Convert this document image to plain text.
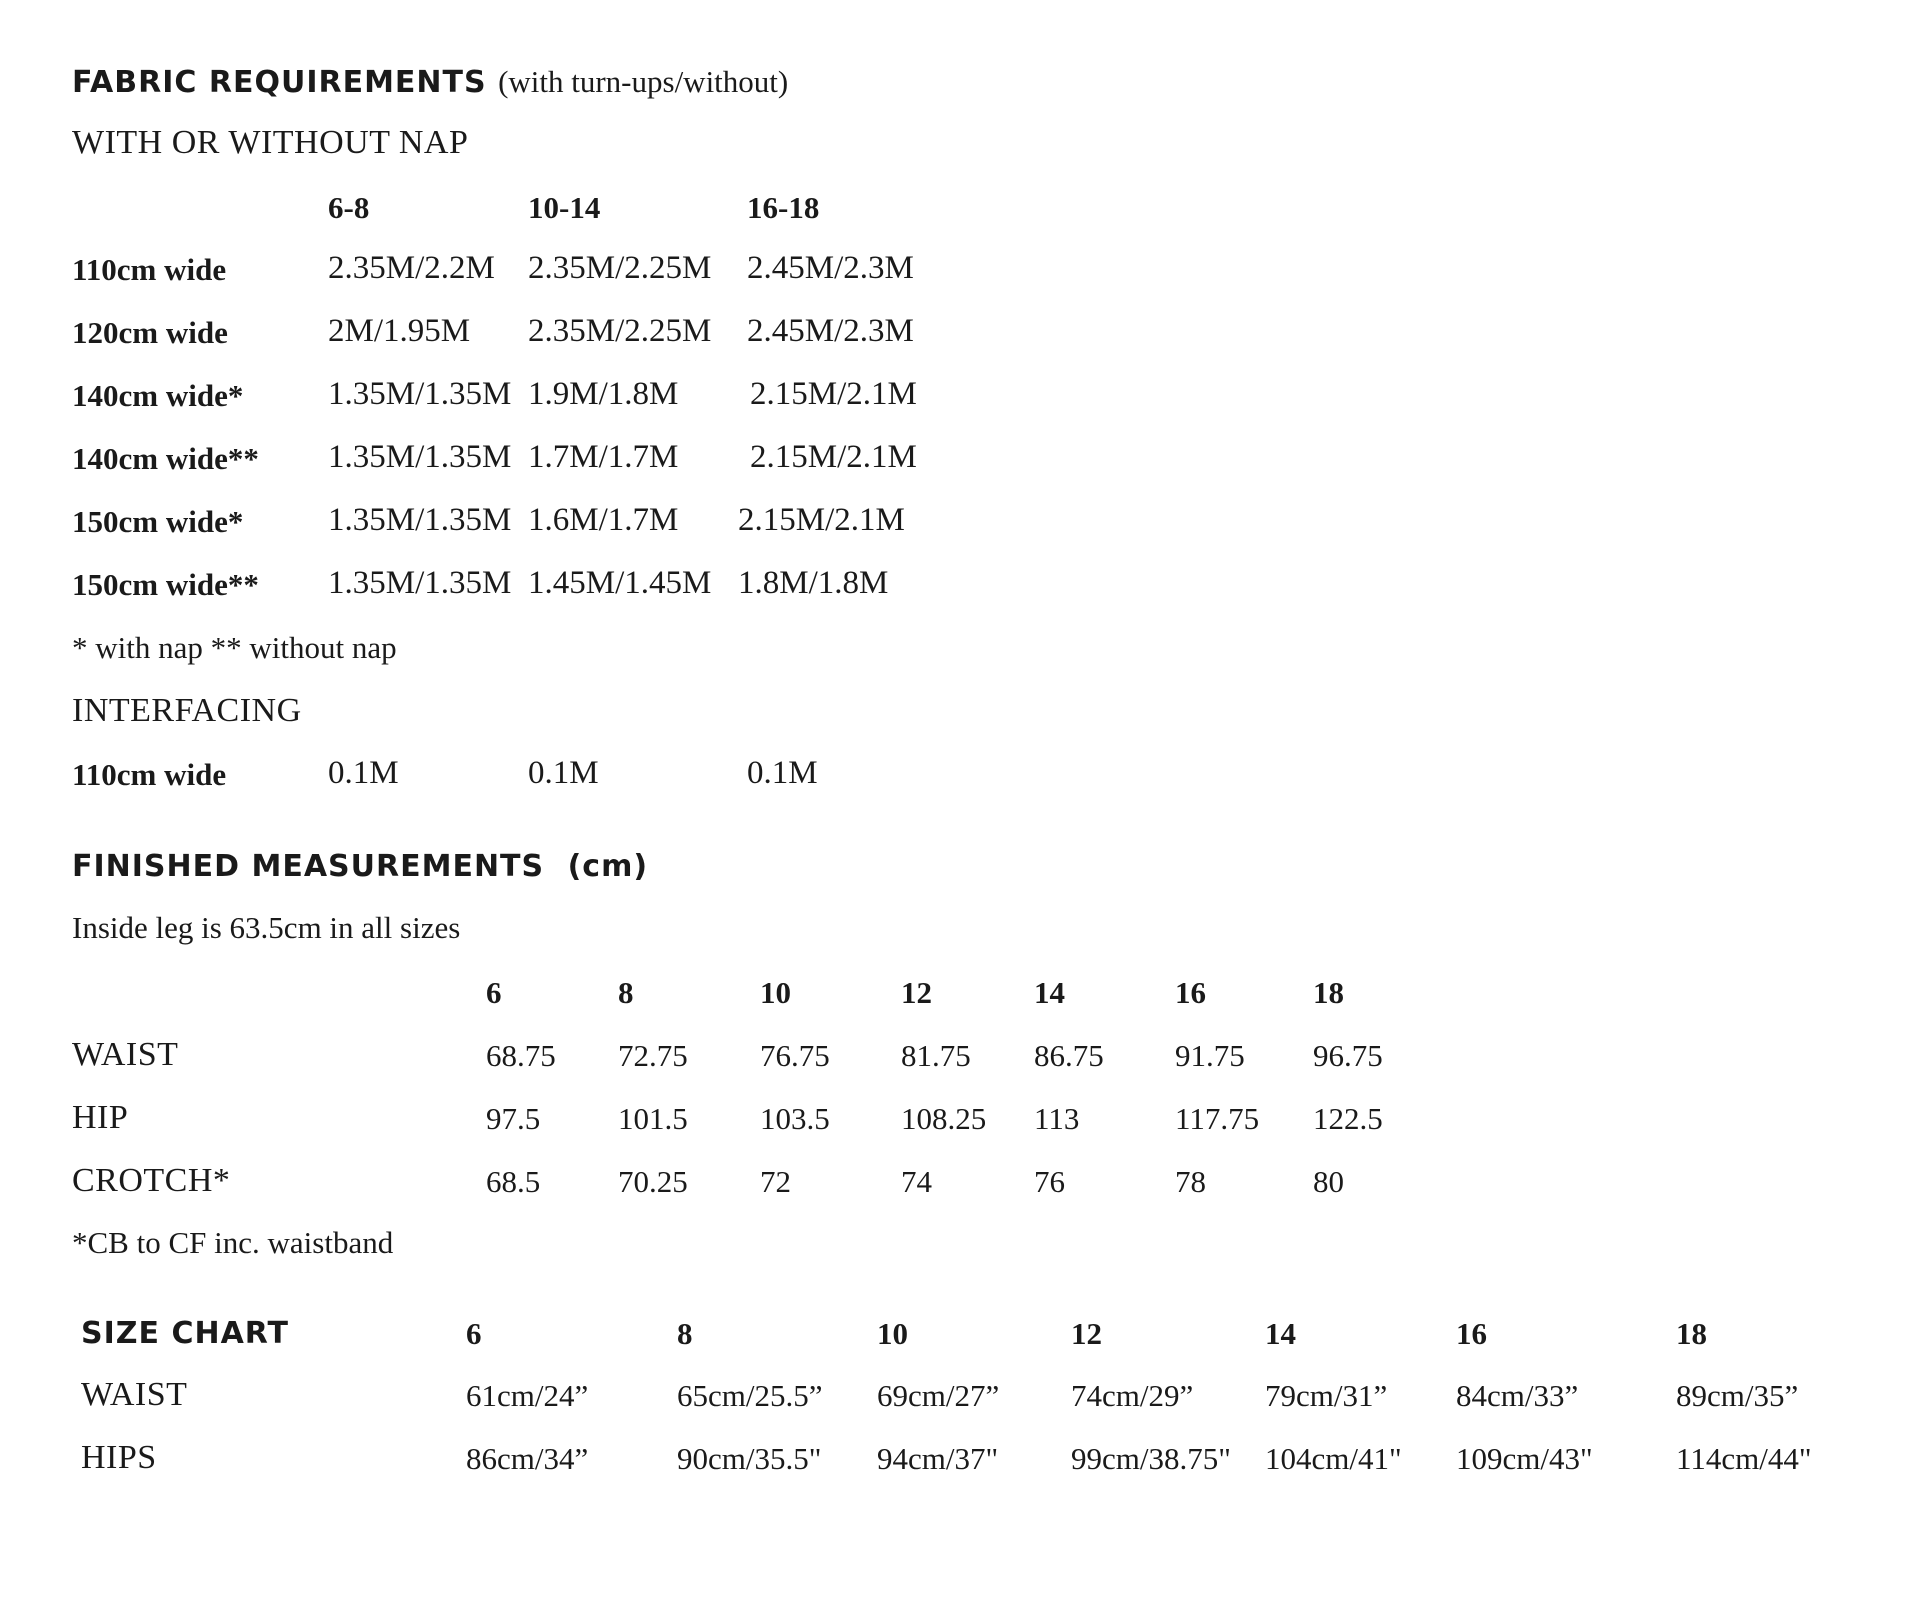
FABRIC REQUIREMENTS (with turn-ups/without)
WITH OR WITHOUT NAP
6-8	10-14	16-18
110cm wide	2.35M/2.2M 2.35M/2.25M 2.45M/2.3M
120cm wide	2M/1.95M 2.35M/2.25M 2.45M/2.3M
140cm wide*	1.35M/1.35M 1.9M/1.8M 2.15M/2.1M
140cm wide** 1.35M/1.35M 1.7M/1.7M 2.15M/2.1M
150cm wide*	1.35M/1.35M 1.6M/1.7M 2.15M/2.1M
150cm wide** 1.35M/1.35M 1.45M/1.45M 1.8M/1.8M
* with nap ** without nap
INTERFACING
110cm wide	0.1M	0.1M	0.1M
FINISHED MEASUREMENTS (cm)
Inside leg is 63.5cm in all sizes
6	8	10	12	14	16	18
WAIST	68.75 72.75 76.75 81.75 86.75 91.75 96.75
HIP	97.5	101.5 103.5 108.25 113	117.75 122.5
CROTCH*	68.5	70.25 72	74	76	78	80
*CB to CF inc. waistband
SIZE CHART	6	8	10	12	14	16	18
WAIST	61cm/24”	65cm/25.5” 69cm/27” 74cm/29” 79cm/31” 84cm/33”	89cm/35”
HIPS	86cm/34”	90cm/35.5" 94cm/37" 99cm/38.75" 104cm/41" 109cm/43"	114cm/44"
